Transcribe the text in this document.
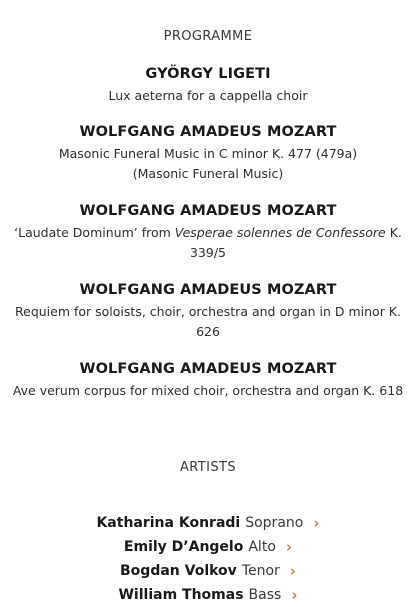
PROGRAMME
GYÖRGY LIGETI
Lux aeterna for a cappella choir
WOLFGANG AMADEUS MOZART
Masonic Funeral Music in C minor K. 477 (479a)
(Masonic Funeral Music)
WOLFGANG AMADEUS MOZART
‘Laudate Dominum’ from Vesperae solennes de Confessore K. 339/5
WOLFGANG AMADEUS MOZART
Requiem for soloists, choir, orchestra and organ in D minor K. 626
WOLFGANG AMADEUS MOZART
Ave verum corpus for mixed choir, orchestra and organ K. 618
ARTISTS
Katharina Konradi Soprano ›
Emily D’Angelo Alto ›
Bogdan Volkov Tenor ›
William Thomas Bass ›
